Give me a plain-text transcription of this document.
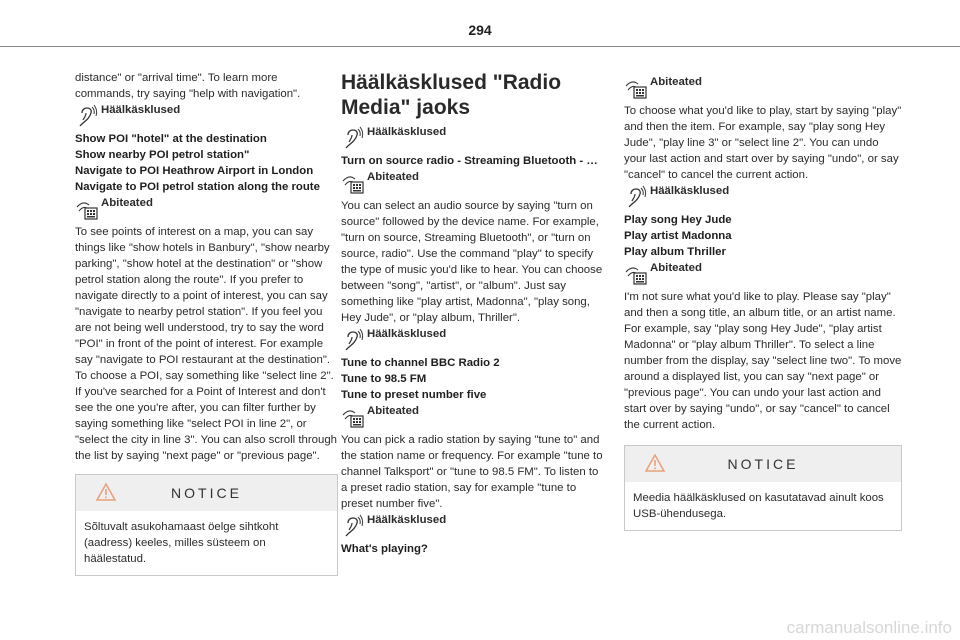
294

distance" or "arrival time". To learn more commands, try saying "help with navigation".

Häälkäsklused

Show POI "hotel" at the destination

Show nearby POI petrol station"

Navigate to POI Heathrow Airport in London

Navigate to POI petrol station along the route

Abiteated

To see points of interest on a map, you can say things like "show hotels in Banbury", "show nearby parking", "show hotel at the destination" or "show petrol station along the route". If you prefer to navigate directly to a point of interest, you can say "navigate to nearby petrol station". If you feel you are not being well understood, try to say the word "POI" in front of the point of interest. For example say "navigate to POI restaurant at the destination".

To choose a POI, say something like "select line 2". If you've searched for a Point of Interest and don't see the one you're after, you can filter further by saying something like "select POI in line 2", or "select the city in line 3". You can also scroll through the list by saying "next page" or "previous page".

NOTICE
Sõltuvalt asukohamaast öelge sihtkoht (aadress) keeles, milles süsteem on häälestatud.
Häälkäsklused "Radio Media" jaoks
Häälkäsklused

Turn on source radio - Streaming Bluetooth - …

Abiteated

You can select an audio source by saying "turn on source" followed by the device name. For example, "turn on source, Streaming Bluetooth", or "turn on source, radio". Use the command "play" to specify the type of music you'd like to hear. You can choose between "song", "artist", or "album". Just say something like "play artist, Madonna", "play song, Hey Jude", or "play album, Thriller".

Häälkäsklused

Tune to channel BBC Radio 2

Tune to 98.5 FM

Tune to preset number five

Abiteated

You can pick a radio station by saying "tune to" and the station name or frequency. For example "tune to channel Talksport" or "tune to 98.5 FM". To listen to a preset radio station, say for example "tune to preset number five".

Häälkäsklused

What's playing?

Abiteated

To choose what you'd like to play, start by saying "play" and then the item. For example, say "play song Hey Jude", "play line 3" or "select line 2". You can undo your last action and start over by saying "undo", or say "cancel" to cancel the current action.

Häälkäsklused

Play song Hey Jude

Play artist Madonna

Play album Thriller

Abiteated

I'm not sure what you'd like to play. Please say "play" and then a song title, an album title, or an artist name. For example, say "play song Hey Jude", "play artist Madonna" or "play album Thriller". To select a line number from the display, say "select line two". To move around a displayed list, you can say "next page" or "previous page". You can undo your last action and start over by saying "undo", or say "cancel" to cancel the current action.

NOTICE
Meedia häälkäsklused on kasutatavad ainult koos USB-ühendusega.
carmanualsonline.info
